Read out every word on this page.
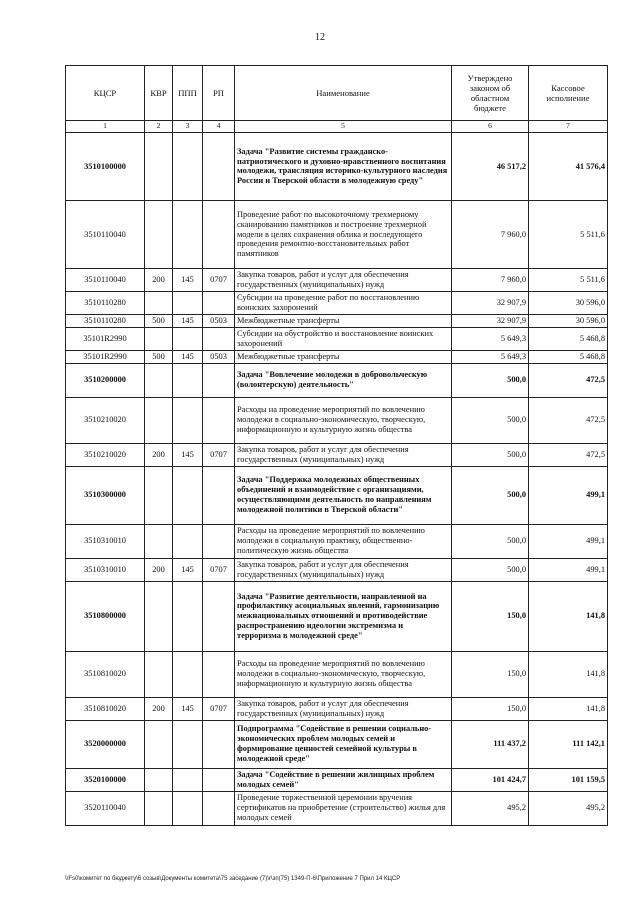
12
КЦСР	КВР	ППП	РП	Наименование	Утверждено законом об областном бюджете	Кассовое исполнение
1	2	3	4	5	6	7
3510100000				Задача "Развитие системы гражданско-патриотического и духовно-нравственного воспитания молодежи, трансляция историко-культурного наследия России и Тверской области в молодежную среду"	46 517,2	41 576,4
3510110040				Проведение работ по высокоточному трехмерному сканированию памятников и построение трехмерной модели в целях сохранения облика и последующего проведения ремонтно-восстановительных работ памятников	7 960,0	5 511,6
3510110040	200	145	0707	Закупка товаров, работ и услуг для обеспечения государственных (муниципальных) нужд	7 960,0	5 511,6
3510110280				Субсидии на проведение работ по восстановлению воинских захоронений	32 907,9	30 596,0
3510110280	500	145	0503	Межбюджетные трансферты	32 907,9	30 596,0
35101R2990				Субсидии на обустройство и восстановление воинских захоронений	5 649,3	5 468,8
35101R2990	500	145	0503	Межбюджетные трансферты	5 649,3	5 468,8
3510200000				Задача "Вовлечение молодежи в добровольческую (волонтерскую) деятельность"	500,0	472,5
3510210020				Расходы на проведение мероприятий по вовлечению молодежи в социально-экономическую, творческую, информационную и культурную жизнь общества	500,0	472,5
3510210020	200	145	0707	Закупка товаров, работ и услуг для обеспечения государственных (муниципальных) нужд	500,0	472,5
3510300000				Задача "Поддержка молодежных общественных объединений и взаимодействие с организациями, осуществляющими деятельность по направлениям молодежной политики в Тверской области"	500,0	499,1
3510310010				Расходы на проведение мероприятий по вовлечению молодежи в социальную практику, общественно-политическую жизнь общества	500,0	499,1
3510310010	200	145	0707	Закупка товаров, работ и услуг для обеспечения государственных (муниципальных) нужд	500,0	499,1
3510800000				Задача "Развитие деятельности, направленной на профилактику асоциальных явлений, гармонизацию межнациональных отношений и противодействие распространению идеологии экстремизма и терроризма в молодежной среде"	150,0	141,8
3510810020				Расходы на проведение мероприятий по вовлечению молодежи в социально-экономическую, творческую, информационную и культурную жизнь общества	150,0	141,8
3510810020	200	145	0707	Закупка товаров, работ и услуг для обеспечения государственных (муниципальных) нужд	150,0	141,8
3520000000				Подпрограмма "Содействие в решении социально-экономических проблем молодых семей и формирование ценностей семейной культуры в молодежной среде"	111 437,2	111 142,1
3520100000				Задача "Содействие в решении жилищных проблем молодых семей"	101 424,7	101 159,5
3520110040				Проведение торжественной церемонии вручения сертификатов на приобретение (строительство) жилья для молодых семей	495,2	495,2
\\Fs0\комитет по бюджету\6 созыв\Документы комитета\75 заседание (7)\r\зп(75) 1349-П-6\Приложение 7 Прил 14 КЦСР
